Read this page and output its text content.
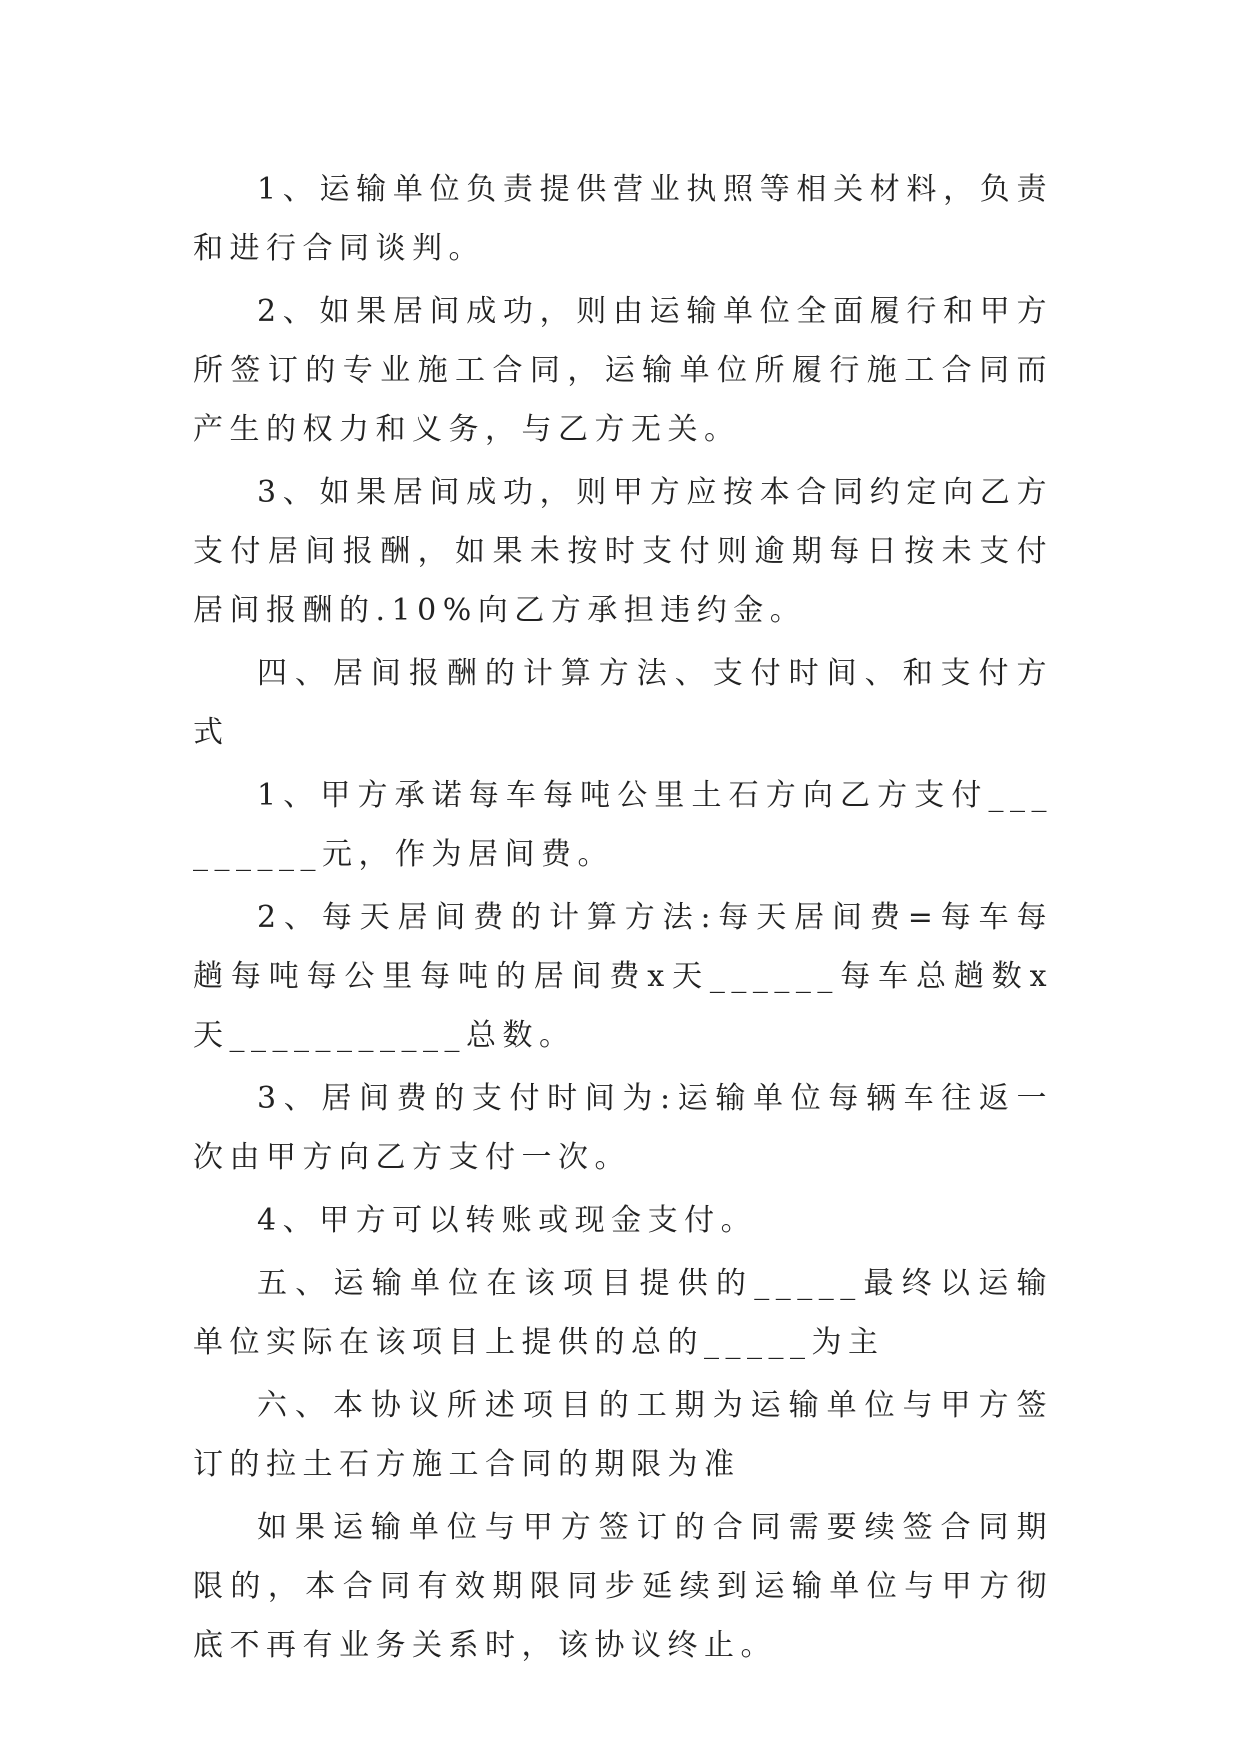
1、运输单位负责提供营业执照等相关材料，负责和进行合同谈判。

2、如果居间成功，则由运输单位全面履行和甲方所签订的专业施工合同，运输单位所履行施工合同而产生的权力和义务，与乙方无关。

3、如果居间成功，则甲方应按本合同约定向乙方支付居间报酬，如果未按时支付则逾期每日按未支付居间报酬的.10%向乙方承担违约金。

四、居间报酬的计算方法、支付时间、和支付方式

1、甲方承诺每车每吨公里土石方向乙方支付_________元，作为居间费。

2、每天居间费的计算方法:每天居间费=每车每趟每吨每公里每吨的居间费x天______每车总趟数x天___________总数。

3、居间费的支付时间为:运输单位每辆车往返一次由甲方向乙方支付一次。

4、甲方可以转账或现金支付。

五、运输单位在该项目提供的_____最终以运输单位实际在该项目上提供的总的_____为主

六、本协议所述项目的工期为运输单位与甲方签订的拉土石方施工合同的期限为准

如果运输单位与甲方签订的合同需要续签合同期限的，本合同有效期限同步延续到运输单位与甲方彻底不再有业务关系时，该协议终止。
